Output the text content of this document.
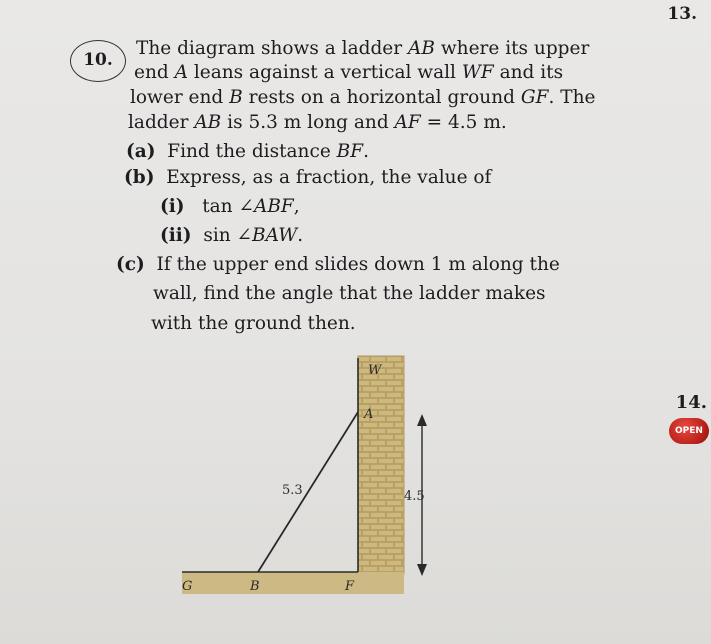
13.
14.
OPEN
10.
The diagram shows a ladder AB where its upper
end A leans against a vertical wall WF and its
lower end B rests on a horizontal ground GF. The
ladder AB is 5.3 m long and AF = 4.5 m.
(a) Find the distance BF.
(b) Express, as a fraction, the value of
(i) tan ∠ABF,
(ii) sin ∠BAW.
(c) If the upper end slides down 1 m along the
wall, find the angle that the ladder makes
with the ground then.
W
A
5.3	4.5
G	B	F
